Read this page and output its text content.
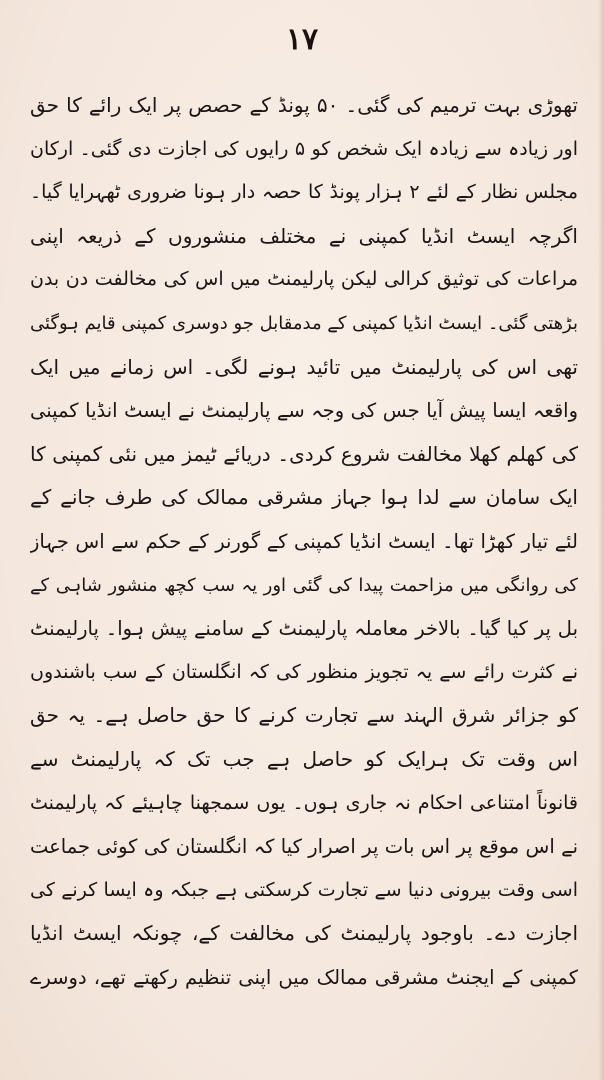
۱۷
تھوڑی بہت ترمیم کی گئی۔ ۵۰ پونڈ کے حصص پر ایک رائے کا حق
اور زیادہ سے زیادہ ایک شخص کو ۵ رایوں کی اجازت دی گئی۔ ارکان
مجلس نظار کے لئے ۲ ہزار پونڈ کا حصہ دار ہونا ضروری ٹھہرایا گیا۔
اگرچہ ایسٹ انڈیا کمپنی نے مختلف منشوروں کے ذریعہ اپنی
مراعات کی توثیق کرالی لیکن پارلیمنٹ میں اس کی مخالفت دن بدن
بڑھتی گئی۔ ایسٹ انڈیا کمپنی کے مدمقابل جو دوسری کمپنی قایم ہوگئی
تھی اس کی پارلیمنٹ میں تائید ہونے لگی۔ اس زمانے میں ایک
واقعہ ایسا پیش آیا جس کی وجہ سے پارلیمنٹ نے ایسٹ انڈیا کمپنی
کی کھلم کھلا مخالفت شروع کردی۔ دریائے ٹیمز میں نئی کمپنی کا
ایک سامان سے لدا ہوا جہاز مشرقی ممالک کی طرف جانے کے
لئے تیار کھڑا تھا۔ ایسٹ انڈیا کمپنی کے گورنر کے حکم سے اس جہاز
کی روانگی میں مزاحمت پیدا کی گئی اور یہ سب کچھ منشور شاہی کے
بل پر کیا گیا۔ بالاخر معاملہ پارلیمنٹ کے سامنے پیش ہوا۔ پارلیمنٹ
نے کثرت رائے سے یہ تجویز منظور کی کہ انگلستان کے سب باشندوں
کو جزائر شرق الہند سے تجارت کرنے کا حق حاصل ہے۔ یہ حق
اس وقت تک ہرایک کو حاصل ہے جب تک کہ پارلیمنٹ سے
قانوناً امتناعی احکام نہ جاری ہوں۔ یوں سمجھنا چاہیئے کہ پارلیمنٹ
نے اس موقع پر اس بات پر اصرار کیا کہ انگلستان کی کوئی جماعت
اسی وقت بیرونی دنیا سے تجارت کرسکتی ہے جبکہ وہ ایسا کرنے کی
اجازت دے۔ باوجود پارلیمنٹ کی مخالفت کے، چونکہ ایسٹ انڈیا
کمپنی کے ایجنٹ مشرقی ممالک میں اپنی تنظیم رکھتے تھے، دوسرے
